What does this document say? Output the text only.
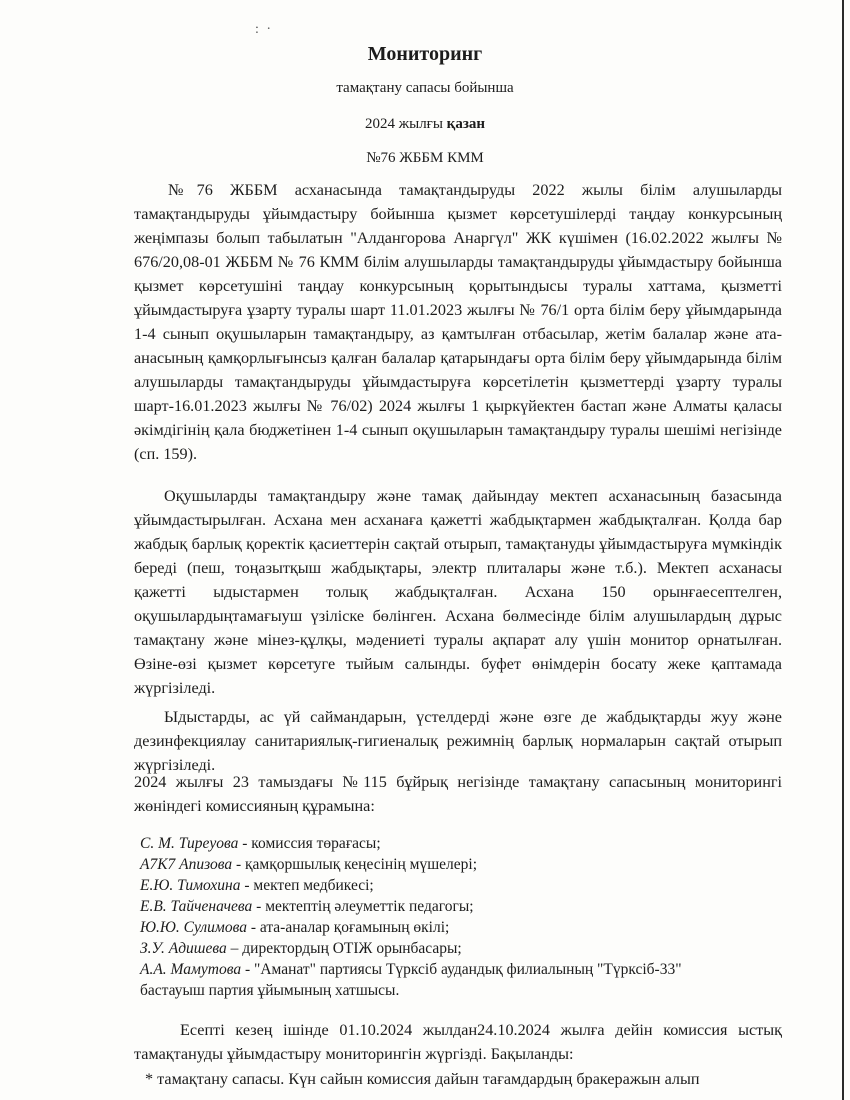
: ·
Мониторинг
тамақтану сапасы бойынша
2024 жылғы қазан
№76 ЖББМ КММ

№76 ЖББМ асханасында тамақтандыруды 2022 жылы білім алушыларды тамақтандыруды ұйымдастыру бойынша қызмет көрсетушілерді таңдау конкурсының жеңімпазы болып табылатын "Алдангорова Анаргүл" ЖК күшімен (16.02.2022 жылғы № 676/20,08-01 ЖББМ № 76 КММ білім алушыларды тамақтандыруды ұйымдастыру бойынша қызмет көрсетушіні таңдау конкурсының қорытындысы туралы хаттама, қызметті ұйымдастыруға ұзарту туралы шарт 11.01.2023 жылғы № 76/1 орта білім беру ұйымдарында 1-4 сынып оқушыларын тамақтандыру, аз қамтылған отбасылар, жетім балалар және ата-анасының қамқорлығынсыз қалған балалар қатарындағы орта білім беру ұйымдарында білім алушыларды тамақтандыруды ұйымдастыруға көрсетілетін қызметтерді ұзарту туралы шарт-16.01.2023 жылғы № 76/02) 2024 жылғы 1 қыркүйектен бастап және Алматы қаласы әкімдігінің қала бюджетінен 1-4 сынып оқушыларын тамақтандыру туралы шешімі негізінде (сп. 159).

Оқушыларды тамақтандыру және тамақ дайындау мектеп асханасының базасында ұйымдастырылған. Асхана мен асханаға қажетті жабдықтармен жабдықталған. Қолда бар жабдық барлық қоректік қасиеттерін сақтай отырып, тамақтануды ұйымдастыруға мүмкіндік береді (пеш, тоңазытқыш жабдықтары, электр плиталары және т.б.). Мектеп асханасы қажетті ыдыстармен толық жабдықталған. Асхана 150 орынғаесептелген, оқушылардыңтамағыуш үзіліске бөлінген. Асхана бөлмесінде білім алушылардың дұрыс тамақтану және мінез-құлқы, мәдениеті туралы ақпарат алу үшін монитор орнатылған. Өзіне-өзі қызмет көрсетуге тыйым салынды. буфет өнімдерін босату жеке қаптамада жүргізіледі.

Ыдыстарды, ас үй саймандарын, үстелдерді және өзге де жабдықтарды жуу және дезинфекциялау санитариялық-гигиеналық режимнің барлық нормаларын сақтай отырып жүргізіледі.

2024 жылғы 23 тамыздағы №115 бұйрық негізінде тамақтану сапасының мониторингі жөніндегі комиссияның құрамына:

С. М. Тиреуова - комиссия төрағасы;
А7К7 Апизова - қамқоршылық кеңесінің мүшелері;
Е.Ю. Тимохина - мектеп медбикесі;
Е.В. Тайченачева - мектептің әлеуметтік педагогы;
Ю.Ю. Сулимова - ата-аналар қоғамының өкілі;
З.У. Адишева – директордың ОТІЖ орынбасары;
А.А. Мамутова - "Аманат" партиясы Түрксіб аудандық филиалының "Түрксіб-33"
бастауыш партия ұйымының хатшысы.

Есепті кезең ішінде 01.10.2024 жылдан24.10.2024 жылға дейін комиссия ыстық тамақтануды ұйымдастыру мониторингін жүргізді. Бақыланды:

* тамақтану сапасы. Күн сайын комиссия дайын тағамдардың бракеражын алып
